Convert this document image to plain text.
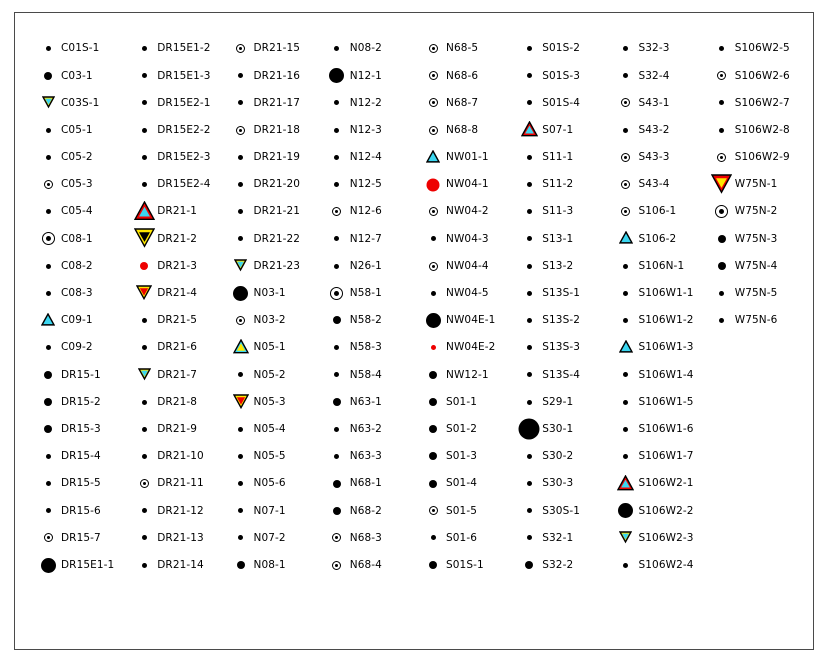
C01S-1
C03-1
C03S-1
C05-1
C05-2
C05-3
C05-4
C08-1
C08-2
C08-3
C09-1
C09-2
DR15-1
DR15-2
DR15-3
DR15-4
DR15-5
DR15-6
DR15-7
DR15E1-1
DR15E1-2
DR15E1-3
DR15E2-1
DR15E2-2
DR15E2-3
DR15E2-4
DR21-1
DR21-2
DR21-3
DR21-4
DR21-5
DR21-6
DR21-7
DR21-8
DR21-9
DR21-10
DR21-11
DR21-12
DR21-13
DR21-14
DR21-15
DR21-16
DR21-17
DR21-18
DR21-19
DR21-20
DR21-21
DR21-22
DR21-23
N03-1
N03-2
N05-1
N05-2
N05-3
N05-4
N05-5
N05-6
N07-1
N07-2
N08-1
N08-2
N12-1
N12-2
N12-3
N12-4
N12-5
N12-6
N12-7
N26-1
N58-1
N58-2
N58-3
N58-4
N63-1
N63-2
N63-3
N68-1
N68-2
N68-3
N68-4
N68-5
N68-6
N68-7
N68-8
NW01-1
NW04-1
NW04-2
NW04-3
NW04-4
NW04-5
NW04E-1
NW04E-2
NW12-1
S01-1
S01-2
S01-3
S01-4
S01-5
S01-6
S01S-1
S01S-2
S01S-3
S01S-4
S07-1
S11-1
S11-2
S11-3
S13-1
S13-2
S13S-1
S13S-2
S13S-3
S13S-4
S29-1
S30-1
S30-2
S30-3
S30S-1
S32-1
S32-2
S32-3
S32-4
S43-1
S43-2
S43-3
S43-4
S106-1
S106-2
S106N-1
S106W1-1
S106W1-2
S106W1-3
S106W1-4
S106W1-5
S106W1-6
S106W1-7
S106W2-1
S106W2-2
S106W2-3
S106W2-4
S106W2-5
S106W2-6
S106W2-7
S106W2-8
S106W2-9
W75N-1
W75N-2
W75N-3
W75N-4
W75N-5
W75N-6
